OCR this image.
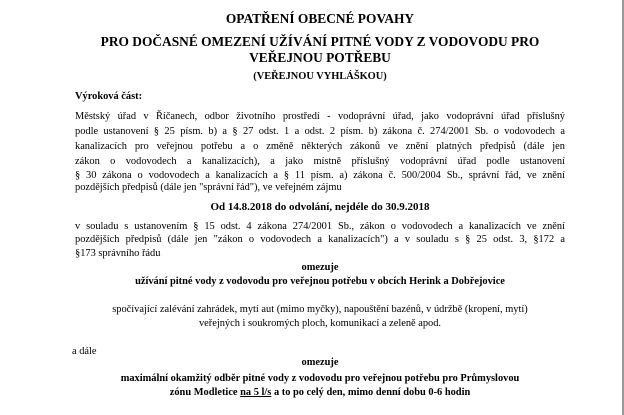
OPATŘENÍ OBECNÉ POVAHY
PRO DOČASNÉ OMEZENÍ UŽÍVÁNÍ PITNÉ VODY Z VODOVODU PRO
VEŘEJNOU POTŘEBU
(VEŘEJNOU VYHLÁŠKOU)
Výroková část:
Městský úřad v Říčanech, odbor životního prostředí - vodoprávní úřad, jako vodoprávní úřad příslušný
podle ustanovení § 25 písm. b) a § 27 odst. 1 a odst. 2 písm. b) zákona č. 274/2001 Sb. o vodovodech a
kanalizacích pro veřejnou potřebu a o změně některých zákonů ve znění platných předpisů (dále jen
zákon o vodovodech a kanalizacích), a jako místně příslušný vodoprávní úřad podle ustanovení
§ 30 zákona o vodovodech a kanalizacích a § 11 písm. a) zákona č. 500/2004 Sb., správní řád, ve znění
pozdějších předpisů (dále jen "správní řád"), ve veřejném zájmu
Od 14.8.2018 do odvolání, nejdéle do 30.9.2018
v souladu s ustanovením § 15 odst. 4 zákona 274/2001 Sb., zákon o vodovodech a kanalizacích ve znění
pozdějších předpisů (dále jen "zákon o vodovodech a kanalizacích") a v souladu s § 25 odst. 3, §172 a
§173 správního řádu
omezuje
užívání pitné vody z vodovodu pro veřejnou potřebu v obcích Herink a Dobřejovice
spočívající zalévání zahrádek, mytí aut (mimo myčky), napouštění bazénů, v údržbě (kropení, mytí)
veřejných i soukromých ploch, komunikací a zeleně apod.
a dále
omezuje
maximální okamžitý odběr pitné vody z vodovodu pro veřejnou potřebu pro Průmyslovou
zónu Modletice na 5 l/s a to po celý den, mimo denní dobu 0-6 hodin
